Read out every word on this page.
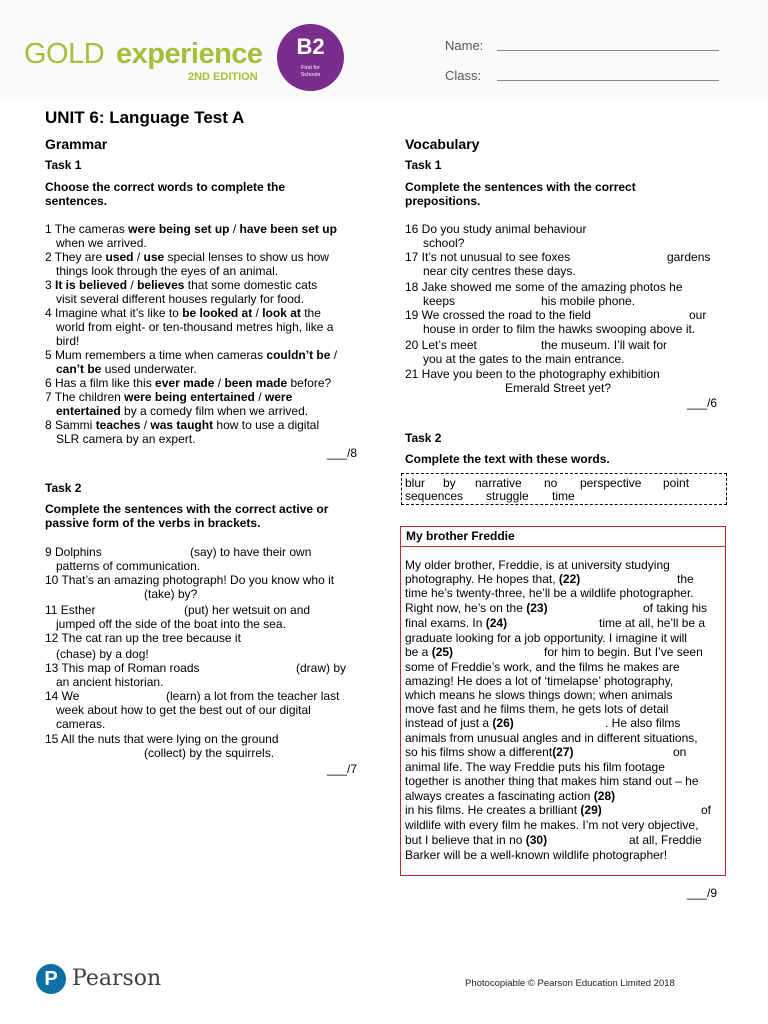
GOLD experience
2ND EDITION
B2
First for
Schools
Name:
Class:
UNIT 6: Language Test A
Grammar
Task 1
Choose the correct words to complete the
sentences.
1 The cameras were being set up / have been set up
when we arrived.
2 They are used / use special lenses to show us how
things look through the eyes of an animal.
3 It is believed / believes that some domestic cats
visit several different houses regularly for food.
4 Imagine what it’s like to be looked at / look at the
world from eight- or ten-thousand metres high, like a
bird!
5 Mum remembers a time when cameras couldn’t be /
can’t be used underwater.
6 Has a film like this ever made / been made before?
7 The children were being entertained / were
entertained by a comedy film when we arrived.
8 Sammi teaches / was taught how to use a digital
SLR camera by an expert.
___/8
Task 2
Complete the sentences with the correct active or
passive form of the verbs in brackets.
9 Dolphins	(say) to have their own
patterns of communication.
10 That’s an amazing photograph! Do you know who it
(take) by?
11 Esther	(put) her wetsuit on and
jumped off the side of the boat into the sea.
12 The cat ran up the tree because it
(chase) by a dog!
13 This map of Roman roads	(draw) by
an ancient historian.
14 We	(learn) a lot from the teacher last
week about how to get the best out of our digital
cameras.
15 All the nuts that were lying on the ground
(collect) by the squirrels.
___/7
Vocabulary
Task 1
Complete the sentences with the correct
prepositions.
16 Do you study animal behaviour
school?
17 It’s not unusual to see foxes	gardens
near city centres these days.
18 Jake showed me some of the amazing photos he
keeps	his mobile phone.
19 We crossed the road to the field	our
house in order to film the hawks swooping above it.
20 Let’s meet	the museum. I’ll wait for
you at the gates to the main entrance.
21 Have you been to the photography exhibition
Emerald Street yet?
___/6
Task 2
Complete the text with these words.
blur by narrative no perspective point
sequences struggle time
My brother Freddie
My older brother, Freddie, is at university studying
photography. He hopes that, (22)	the
time he’s twenty-three, he’ll be a wildlife photographer.
Right now, he’s on the (23)	of taking his
final exams. In (24)	time at all, he’ll be a
graduate looking for a job opportunity. I imagine it will
be a (25)	for him to begin. But I’ve seen
some of Freddie’s work, and the films he makes are
amazing! He does a lot of ‘timelapse’ photography,
which means he slows things down; when animals
move fast and he films them, he gets lots of detail
instead of just a (26)	. He also films
animals from unusual angles and in different situations,
so his films show a different(27)	on
animal life. The way Freddie puts his film footage
together is another thing that makes him stand out – he
always creates a fascinating action (28)
in his films. He creates a brilliant (29)	of
wildlife with every film he makes. I’m not very objective,
but I believe that in no (30)	at all, Freddie
Barker will be a well-known wildlife photographer!
___/9
P Pearson	Photocopiable © Pearson Education Limited 2018
